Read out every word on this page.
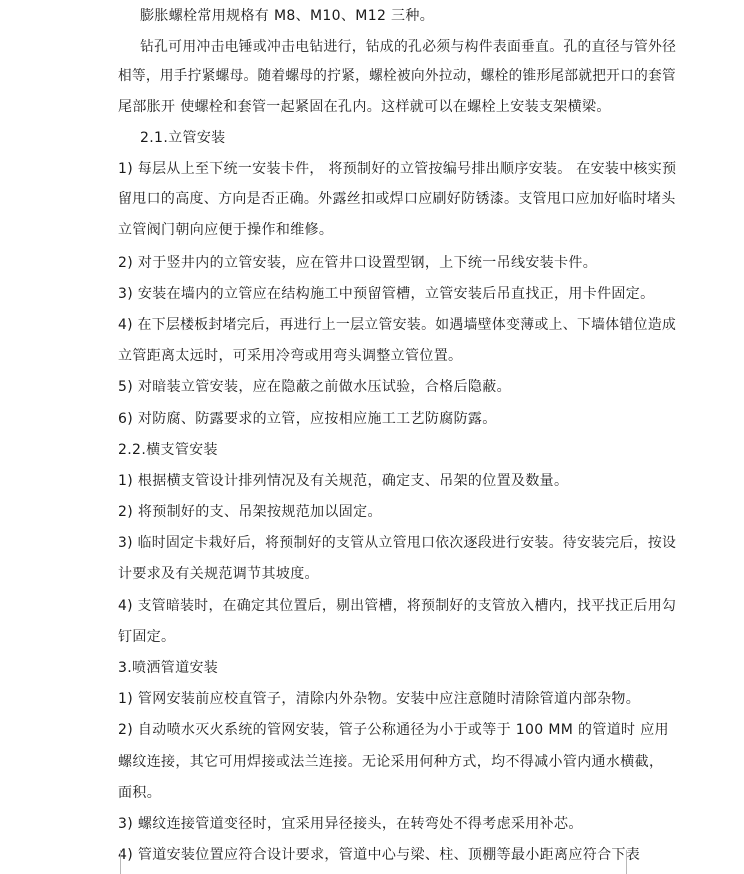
膨胀螺栓常用规格有 M8、M10、M12 三种。
钻孔可用冲击电锤或冲击电钻进行，钻成的孔必须与构件表面垂直。孔的直径与管外径
相等，用手拧紧螺母。随着螺母的拧紧，螺栓被向外拉动，螺栓的锥形尾部就把开口的套管
尾部胀开 使螺栓和套管一起紧固在孔内。这样就可以在螺栓上安装支架横梁。
2.1.立管安装
1) 每层从上至下统一安装卡件， 将预制好的立管按编号排出顺序安装。 在安装中核实预
留甩口的高度、方向是否正确。外露丝扣或焊口应刷好防锈漆。支管甩口应加好临时堵头
立管阀门朝向应便于操作和维修。
2) 对于竖井内的立管安装，应在管井口设置型钢，上下统一吊线安装卡件。
3) 安装在墙内的立管应在结构施工中预留管槽，立管安装后吊直找正，用卡件固定。
4) 在下层楼板封堵完后，再进行上一层立管安装。如遇墙壁体变薄或上、下墙体错位造成
立管距离太远时，可采用冷弯或用弯头调整立管位置。
5) 对暗装立管安装，应在隐蔽之前做水压试验，合格后隐蔽。
6) 对防腐、防露要求的立管，应按相应施工工艺防腐防露。
2.2.横支管安装
1) 根据横支管设计排列情况及有关规范，确定支、吊架的位置及数量。
2) 将预制好的支、吊架按规范加以固定。
3) 临时固定卡栽好后，将预制好的支管从立管甩口依次逐段进行安装。待安装完后，按设
计要求及有关规范调节其坡度。
4) 支管暗装时，在确定其位置后，剔出管槽，将预制好的支管放入槽内，找平找正后用勾
钉固定。
3.喷洒管道安装
1) 管网安装前应校直管子，清除内外杂物。安装中应注意随时清除管道内部杂物。
2) 自动喷水灭火系统的管网安装，管子公称通径为小于或等于 100 MM 的管道时 应用
螺纹连接，其它可用焊接或法兰连接。无论采用何种方式，均不得减小管内通水横截，
面积。
3) 螺纹连接管道变径时，宜采用异径接头，在转弯处不得考虑采用补芯。
4) 管道安装位置应符合设计要求，管道中心与梁、柱、顶棚等最小距离应符合下表
